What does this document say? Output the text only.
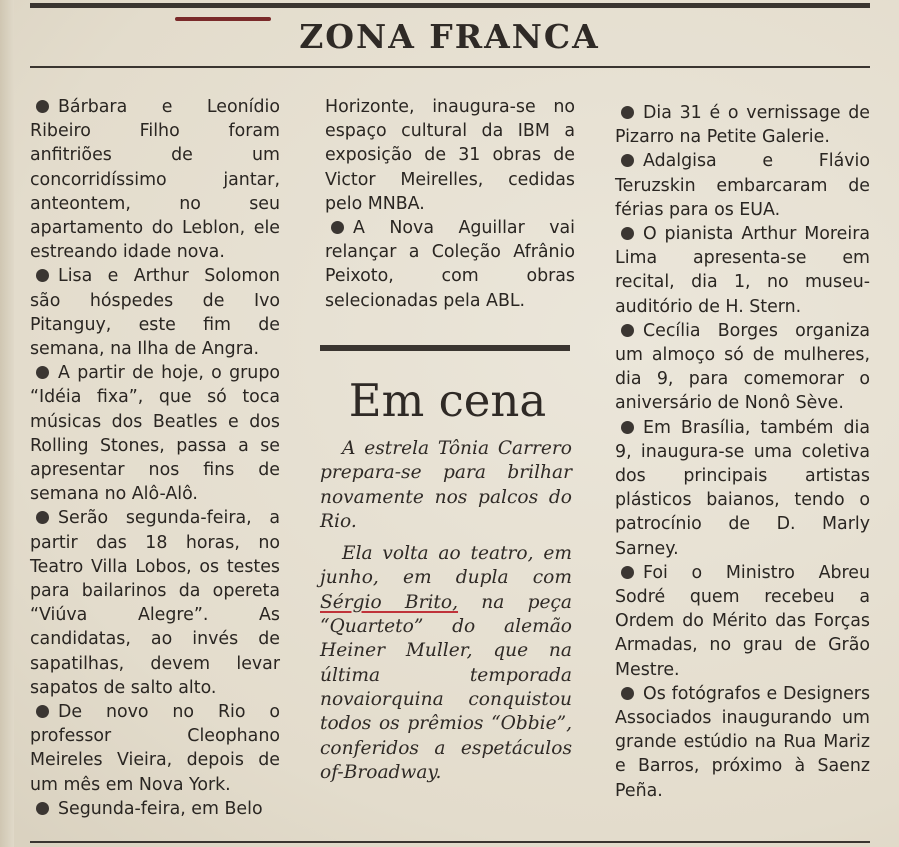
ZONA FRANCA

Bárbara e Leonídio Ribeiro Filho foram anfitriões de um concorridíssimo jantar, anteontem, no seu apartamento do Leblon, ele estreando idade nova.

Lisa e Arthur Solomon são hóspedes de Ivo Pitanguy, este fim de semana, na Ilha de Angra.

A partir de hoje, o grupo “Idéia fixa”, que só toca músicas dos Beatles e dos Rolling Stones, passa a se apresentar nos fins de semana no Alô-Alô.

Serão segunda-feira, a partir das 18 horas, no Teatro Villa Lobos, os testes para bailarinos da opereta “Viúva Alegre”. As candidatas, ao invés de sapatilhas, devem levar sapatos de salto alto.

De novo no Rio o professor Cleophano Meireles Vieira, depois de um mês em Nova York.

Segunda-feira, em Belo

Horizonte, inaugura-se no espaço cultural da IBM a exposição de 31 obras de Victor Meirelles, cedidas pelo MNBA.

A Nova Aguillar vai relançar a Coleção Afrânio Peixoto, com obras selecionadas pela ABL.

Em cena

A estrela Tônia Carrero prepara-se para brilhar novamente nos palcos do Rio.

Ela volta ao teatro, em junho, em dupla com Sérgio Brito, na peça “Quarteto” do alemão Heiner Muller, que na última temporada novaiorquina conquistou todos os prêmios “Obbie”, conferidos a espetáculos of-Broadway.

Dia 31 é o vernissage de Pizarro na Petite Galerie.

Adalgisa e Flávio Teruzskin embarcaram de férias para os EUA.

O pianista Arthur Moreira Lima apresenta-se em recital, dia 1, no museu-auditório de H. Stern.

Cecília Borges organiza um almoço só de mulheres, dia 9, para comemorar o aniversário de Nonô Sève.

Em Brasília, também dia 9, inaugura-se uma coletiva dos principais artistas plásticos baianos, tendo o patrocínio de D. Marly Sarney.

Foi o Ministro Abreu Sodré quem recebeu a Ordem do Mérito das Forças Armadas, no grau de Grão Mestre.

Os fotógrafos e Designers Associados inaugurando um grande estúdio na Rua Mariz e Barros, próximo à Saenz Peña.
